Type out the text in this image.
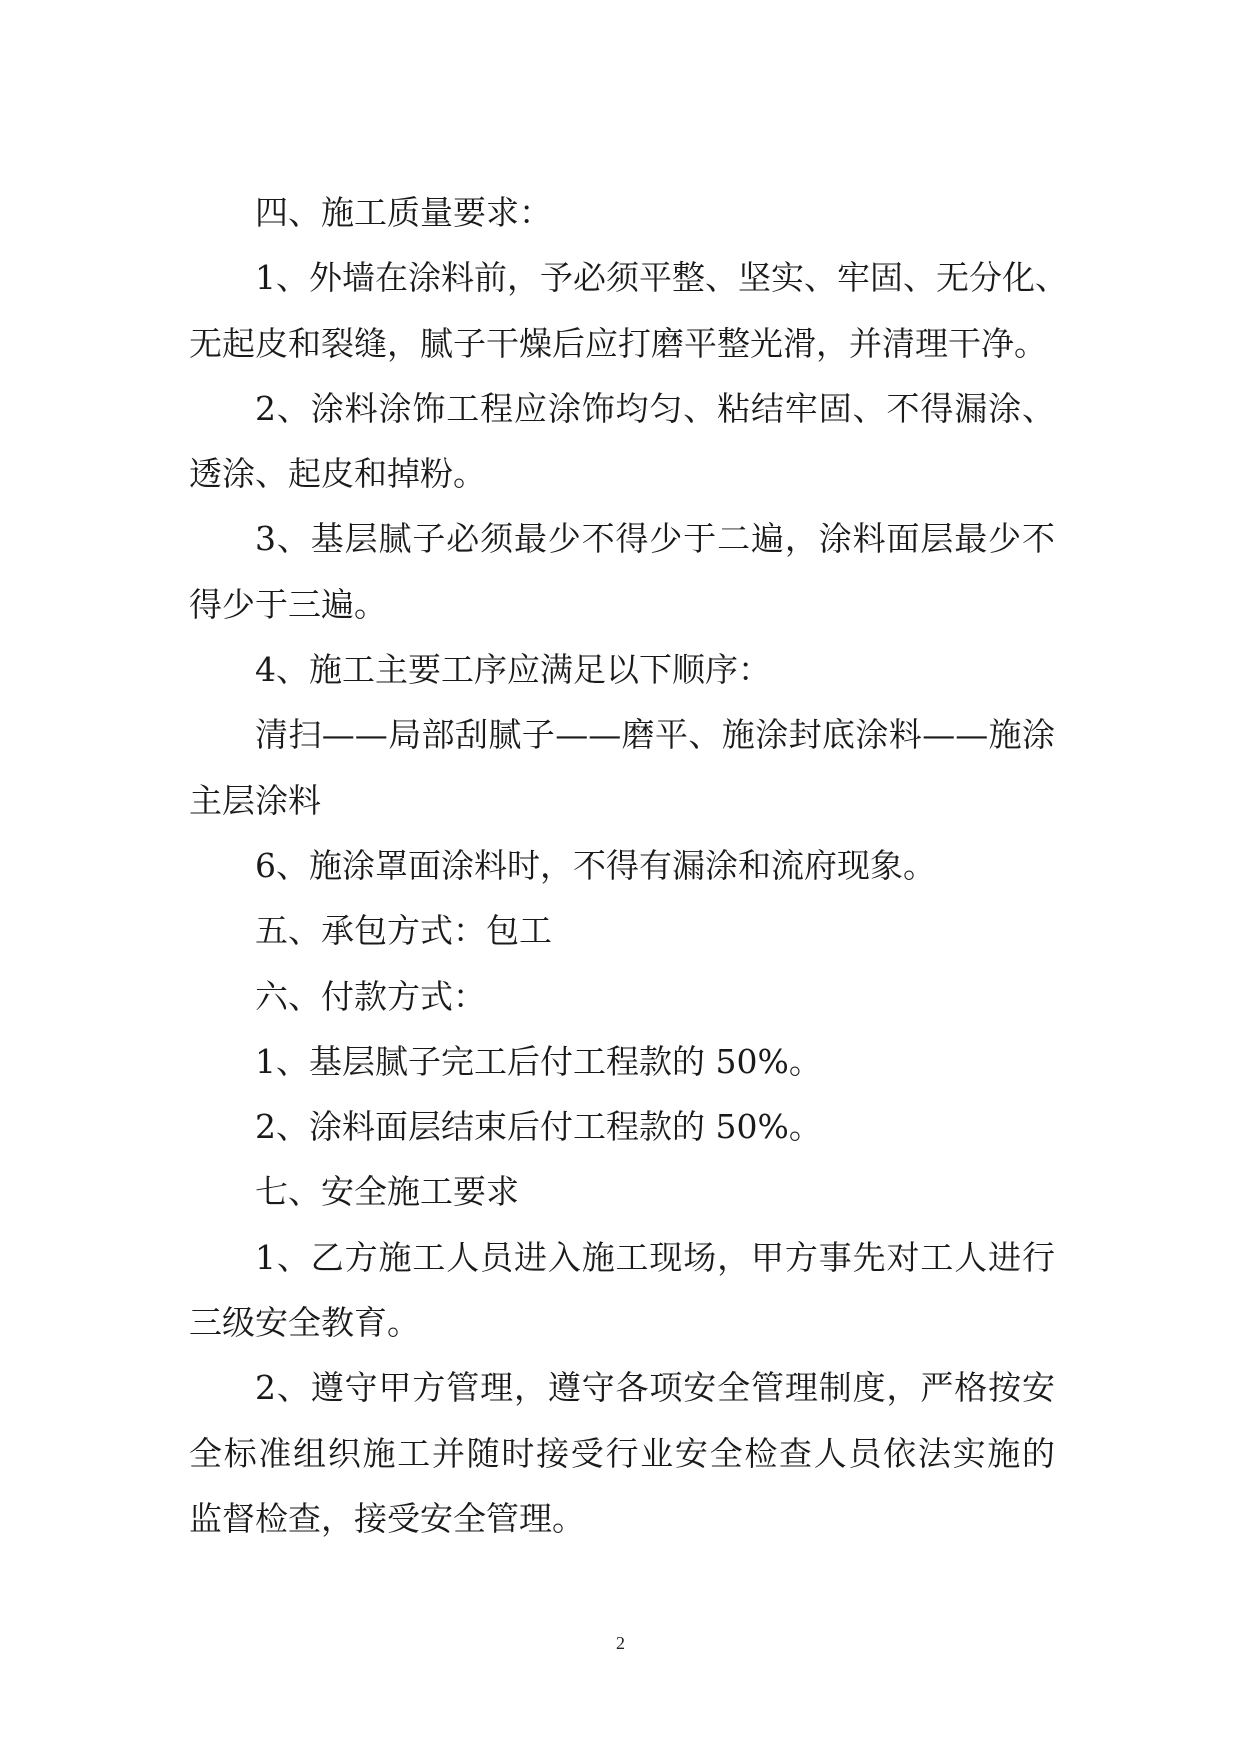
四、施工质量要求：
1、外墙在涂料前，予必须平整、坚实、牢固、无分化、
无起皮和裂缝，腻子干燥后应打磨平整光滑，并清理干净。
2、涂料涂饰工程应涂饰均匀、粘结牢固、不得漏涂、
透涂、起皮和掉粉。
3、基层腻子必须最少不得少于二遍，涂料面层最少不
得少于三遍。
4、施工主要工序应满足以下顺序：
清扫——局部刮腻子——磨平、施涂封底涂料——施涂
主层涂料
6、施涂罩面涂料时，不得有漏涂和流府现象。
五、承包方式：包工
六、付款方式：
1、基层腻子完工后付工程款的 50%。
2、涂料面层结束后付工程款的 50%。
七、安全施工要求
1、乙方施工人员进入施工现场，甲方事先对工人进行
三级安全教育。
2、遵守甲方管理，遵守各项安全管理制度，严格按安
全标准组织施工并随时接受行业安全检查人员依法实施的
监督检查，接受安全管理。
2
